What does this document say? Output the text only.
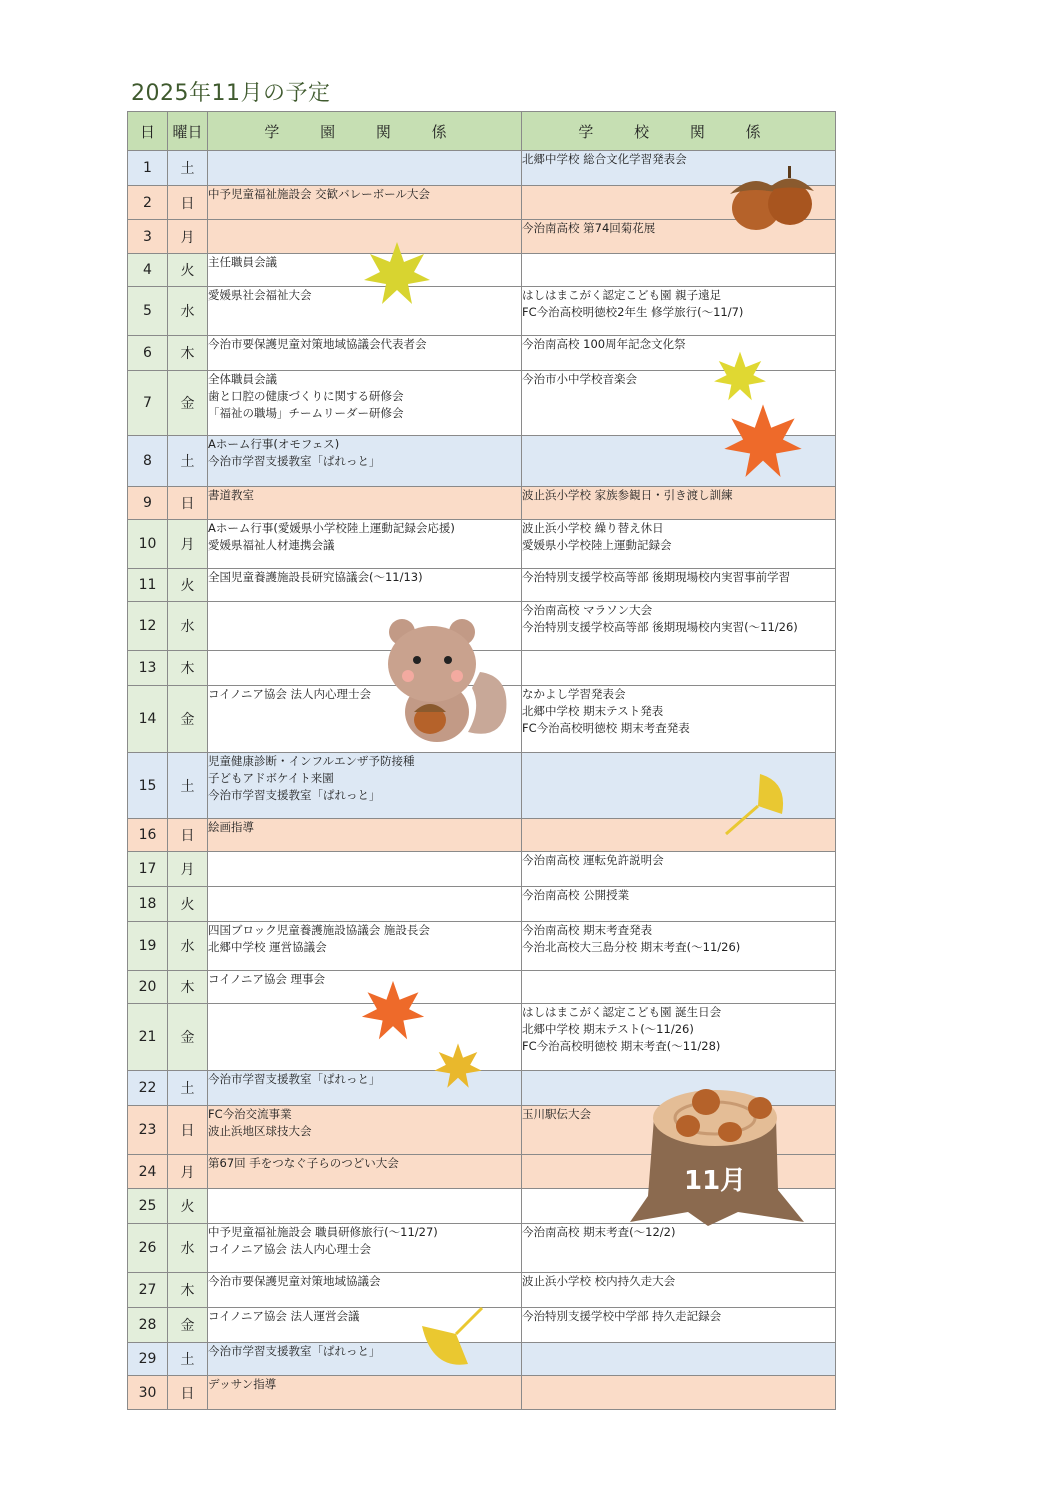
2025年11月の予定
日	曜日	学 園 関 係	学 校 関 係
1	土		北郷中学校 総合文化学習発表会

2	日	中予児童福祉施設会 交歓バレーボール大会	

3	月		今治南高校 第74回菊花展

4	火	主任職員会議	

5	水	愛媛県社会福祉大会	はしはまこがく認定こども園 親子遠足
FC今治高校明徳校2年生 修学旅行(～11/7)

6	木	今治市要保護児童対策地域協議会代表者会	今治南高校 100周年記念文化祭

7	金	全体職員会議
歯と口腔の健康づくりに関する研修会
「福祉の職場」チームリーダー研修会	今治市小中学校音楽会

8	土	Aホーム行事(オモフェス)
今治市学習支援教室「ぱれっと」	

9	日	書道教室	波止浜小学校 家族参観日・引き渡し訓練

10	月	Aホーム行事(愛媛県小学校陸上運動記録会応援)
愛媛県福祉人材連携会議	波止浜小学校 繰り替え休日
愛媛県小学校陸上運動記録会

11	火	全国児童養護施設長研究協議会(～11/13)	今治特別支援学校高等部 後期現場校内実習事前学習

12	水		今治南高校 マラソン大会
今治特別支援学校高等部 後期現場校内実習(～11/26)

13	木		
14	金	コイノニア協会 法人内心理士会	なかよし学習発表会
北郷中学校 期末テスト発表
FC今治高校明徳校 期末考査発表

15	土	児童健康診断・インフルエンザ予防接種
子どもアドボケイト来園
今治市学習支援教室「ぱれっと」	

16	日	絵画指導	

17	月		今治南高校 運転免許説明会

18	火		今治南高校 公開授業

19	水	四国ブロック児童養護施設協議会 施設長会
北郷中学校 運営協議会	今治南高校 期末考査発表
今治北高校大三島分校 期末考査(～11/26)

20	木	コイノニア協会 理事会	

21	金		はしはまこがく認定こども園 誕生日会
北郷中学校 期末テスト(～11/26)
FC今治高校明徳校 期末考査(～11/28)

22	土	今治市学習支援教室「ぱれっと」	

23	日	FC今治交流事業
波止浜地区球技大会	玉川駅伝大会

24	月	第67回 手をつなぐ子らのつどい大会	

25	火		
26	水	中予児童福祉施設会 職員研修旅行(～11/27)
コイノニア協会 法人内心理士会	今治南高校 期末考査(～12/2)

27	木	今治市要保護児童対策地域協議会	波止浜小学校 校内持久走大会

28	金	コイノニア協会 法人運営会議	今治特別支援学校中学部 持久走記録会

29	土	今治市学習支援教室「ぱれっと」	

30	日	デッサン指導	

11月
